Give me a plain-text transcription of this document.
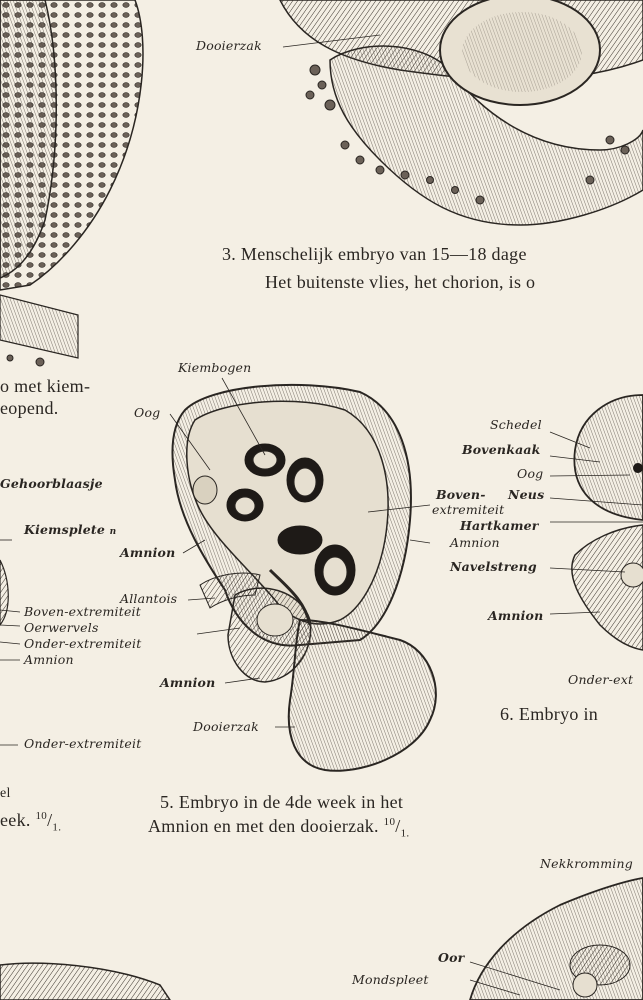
Dooierzak
3. Menschelijk embryo van 15—18 dage
Het buitenste vlies, het chorion, is o
o met kiem-
eopend.
Gehoorblaasje
Kiemsplete n
Boven-extremiteit
Oerwervels
Onder-extremiteit
Amnion
Onder-extremiteit
el
eek. $^{10}/_{1.}$
Kiembogen
Oog
Amnion
Allantois
Amnion
Dooierzak
Boven-
extremiteit
Amnion
5. Embryo in de 4de week in het
Amnion en met den dooierzak. $^{10}/_{1.}$
Schedel
Bovenkaak
Oog
Neus
Hartkamer
Navelstreng
Amnion
Onder-ext
6. Embryo in
Nekkromming
Oor
Mondspleet
